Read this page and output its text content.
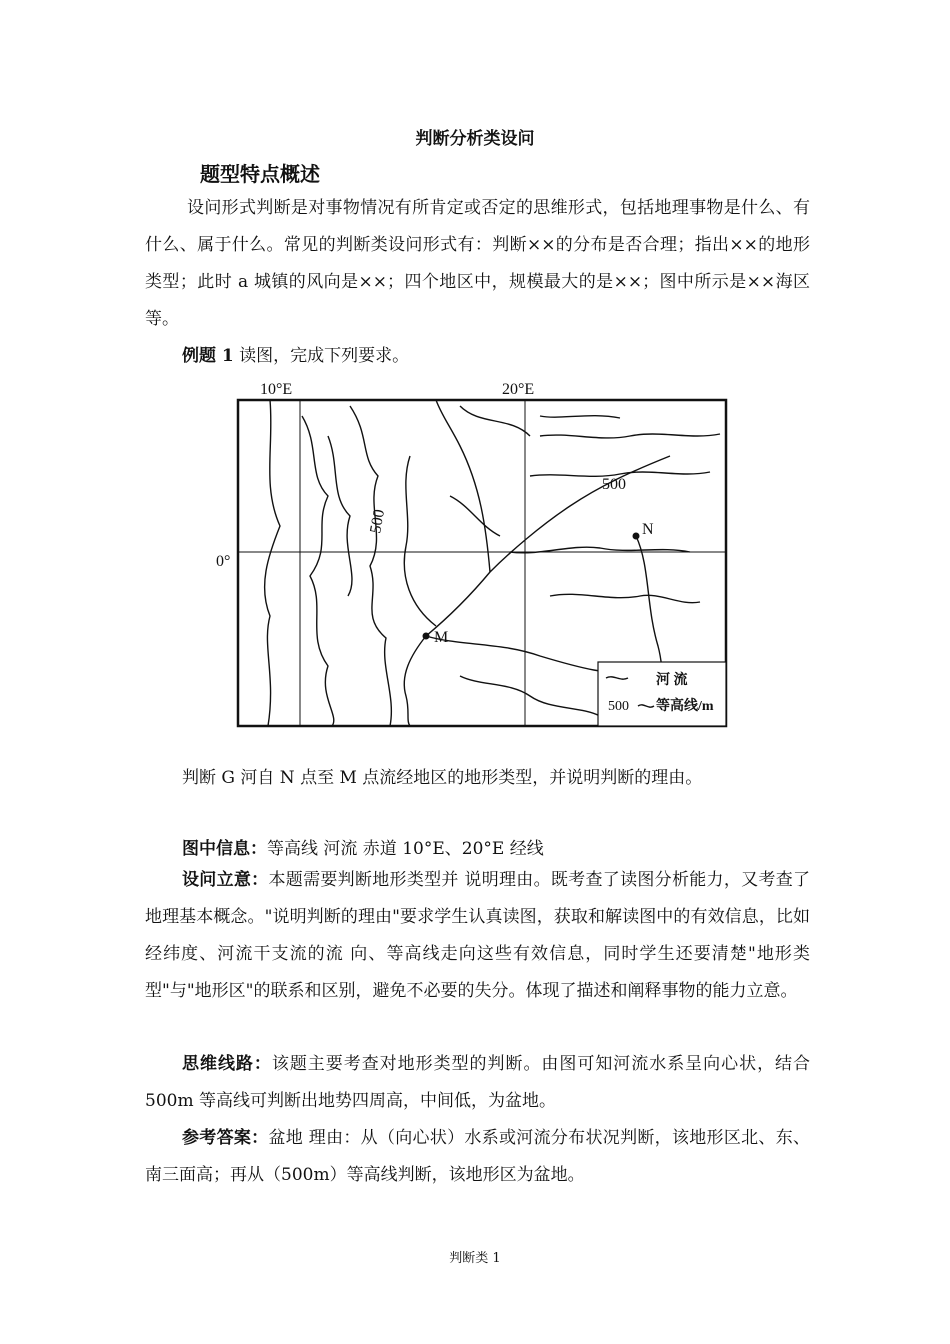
判断分析类设问
题型特点概述
设问形式判断是对事物情况有所肯定或否定的思维形式，包括地理事物是什么、有什么、属于什么。常见的判断类设问形式有：判断××的分布是否合理；指出××的地形类型；此时 a 城镇的风向是××；四个地区中，规模最大的是××；图中所示是××海区等。
例题 1 读图，完成下列要求。
10°E	20°E
0°
500
500	N
M
河 流
500 等高线/m
判断 G 河自 N 点至 M 点流经地区的地形类型，并说明判断的理由。
图中信息：等高线 河流 赤道 10°E、20°E 经线
设问立意：本题需要判断地形类型并 说明理由。既考查了读图分析能力，又考查了地理基本概念。"说明判断的理由"要求学生认真读图，获取和解读图中的有效信息，比如经纬度、河流干支流的流 向、等高线走向这些有效信息，同时学生还要清楚"地形类型"与"地形区"的联系和区别，避免不必要的失分。体现了描述和阐释事物的能力立意。
思维线路：该题主要考查对地形类型的判断。由图可知河流水系呈向心状，结合 500m 等高线可判断出地势四周高，中间低，为盆地。
参考答案：盆地 理由：从（向心状）水系或河流分布状况判断，该地形区北、东、南三面高；再从（500m）等高线判断，该地形区为盆地。
判断类 1
